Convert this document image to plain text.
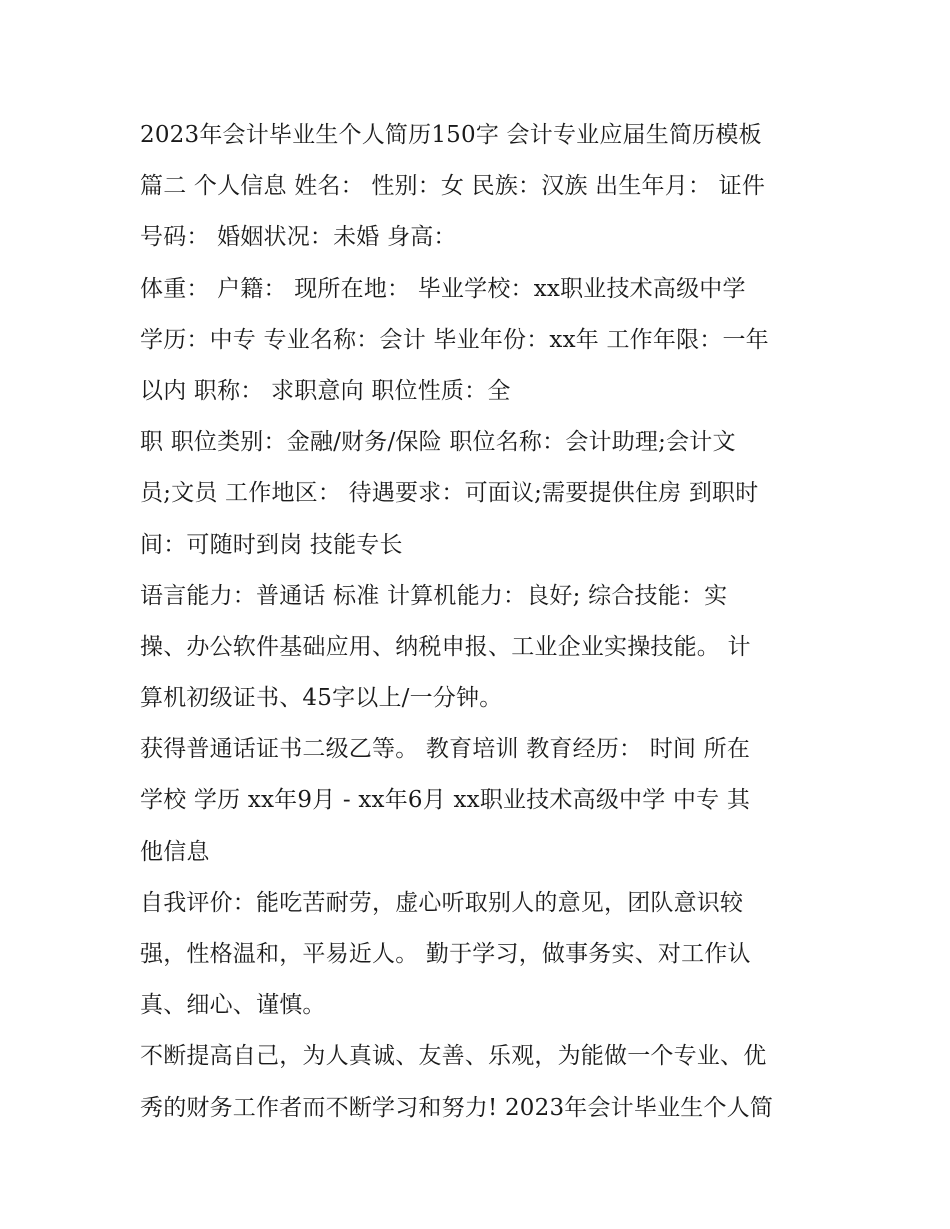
2023年会计毕业生个人简历150字 会计专业应届生简历模板
篇二 个人信息 姓名： 性别：女 民族：汉族 出生年月： 证件
号码： 婚姻状况：未婚 身高：
体重： 户籍： 现所在地： 毕业学校：xx职业技术高级中学
学历：中专 专业名称：会计 毕业年份：xx年 工作年限：一年
以内 职称： 求职意向 职位性质：全
职 职位类别：金融/财务/保险 职位名称：会计助理;会计文
员;文员 工作地区： 待遇要求：可面议;需要提供住房 到职时
间：可随时到岗 技能专长
语言能力：普通话 标准 计算机能力：良好; 综合技能：实
操、办公软件基础应用、纳税申报、工业企业实操技能。 计
算机初级证书、45字以上/一分钟。
获得普通话证书二级乙等。 教育培训 教育经历： 时间 所在
学校 学历 xx年9月 - xx年6月 xx职业技术高级中学 中专 其
他信息
自我评价：能吃苦耐劳，虚心听取别人的意见，团队意识较
强，性格温和，平易近人。 勤于学习，做事务实、对工作认
真、细心、谨慎。
不断提高自己，为人真诚、友善、乐观，为能做一个专业、优
秀的财务工作者而不断学习和努力! 2023年会计毕业生个人简
